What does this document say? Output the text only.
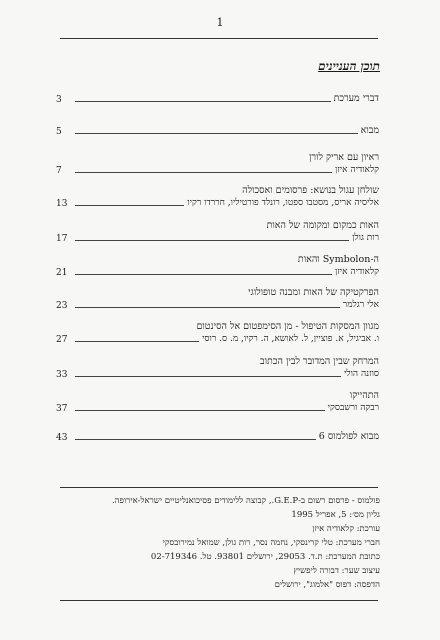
1
תוכן העניינים
דברי מערכת
3
מבוא
5
ראיון עם אריק לורן
קלאודיה איזן
7
שולחן עגול בנושא: פרסומים ואסכולה
אליסיה אריס, מסטבו ספטו, רונלד פורטיליו, חררדו רקיו
13
האות כמקום ומקומה של האות
רות גולן
17
ה-Symbolon והאות
קלאודיה איזן
21
הפרקטיקה של האות ומבנה טופולוגי
אלי רגלמר
23
מגוון המסקות הטיפול - מן הסימפטום אל הסינטום
ו. אביגיל, א. פוציין, ל. לאושא, ה. רקיו, מ. ס. רוסי
27
המרחק שבין המדובר לבין הכתוב
סוזנה הולי
33
התהייקו
רבקה ורשבסקי
37
מבוא לפולמוס 6
43
פולמוס - פרסום רשום ב-G.E.P., קבוצה ללימודים פסיכואנליטיים ישראל-אירופה.
גליון מס׳: 5, אפריל 1995
עורכת: קלאודיה איזן
חברי מערכת: טלי קרינסקי, נחמה נסר, רות גולן, שמואל נמירובסקי
כתובת המערכת: ת.ד. 29053, ירושלים 93801. טל. 02-719346
עיצוב שער: דבורה ליפשיץ
הדפסה: דפוס "אלמוג", ירושלים
